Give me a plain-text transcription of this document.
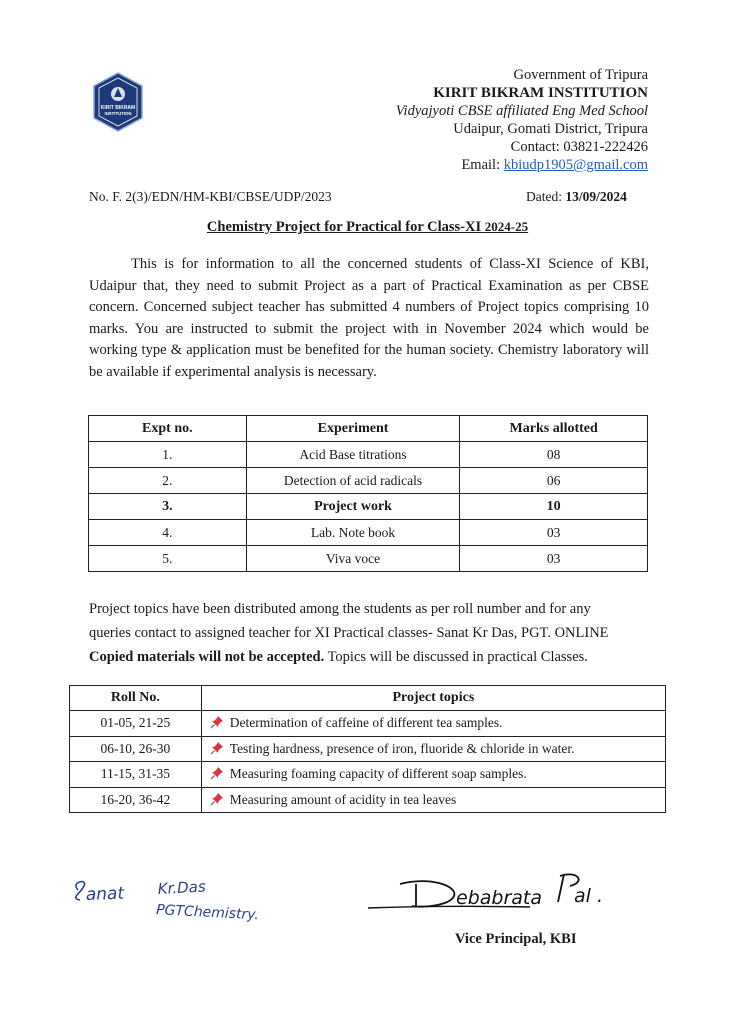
KIRIT BIKRAM
INSTITUTION
Government of Tripura
KIRIT BIKRAM INSTITUTION
Vidyajyoti CBSE affiliated Eng Med School
Udaipur, Gomati District, Tripura
Contact: 03821-222426
Email: kbiudp1905@gmail.com
No. F. 2(3)/EDN/HM-KBI/CBSE/UDP/2023	Dated: 13/09/2024
Chemistry Project for Practical for Class-XI 2024-25
This is for information to all the concerned students of Class-XI Science of KBI, Udaipur that, they need to submit Project as a part of Practical Examination as per CBSE concern. Concerned subject teacher has submitted 4 numbers of Project topics comprising 10 marks. You are instructed to submit the project with in November 2024 which would be working type & application must be benefited for the human society. Chemistry laboratory will be available if experimental analysis is necessary.
Expt no.	Experiment	Marks allotted
1.	Acid Base titrations	08
2.	Detection of acid radicals	06
3.	Project work	10
4.	Lab. Note book	03
5.	Viva voce	03
Project topics have been distributed among the students as per roll number and for any
queries contact to assigned teacher for XI Practical classes- Sanat Kr Das, PGT. ONLINE
Copied materials will not be accepted. Topics will be discussed in practical Classes.
Roll No.	Project topics
01-05, 21-25	Determination of caffeine of different tea samples.
06-10, 26-30	Testing hardness, presence of iron, fluoride & chloride in water.
11-15, 31-35	Measuring foaming capacity of different soap samples.
16-20, 36-42	Measuring amount of acidity in tea leaves
anat Kr.Das
PGTChemistry.
ebabrata al .
Vice Principal, KBI
